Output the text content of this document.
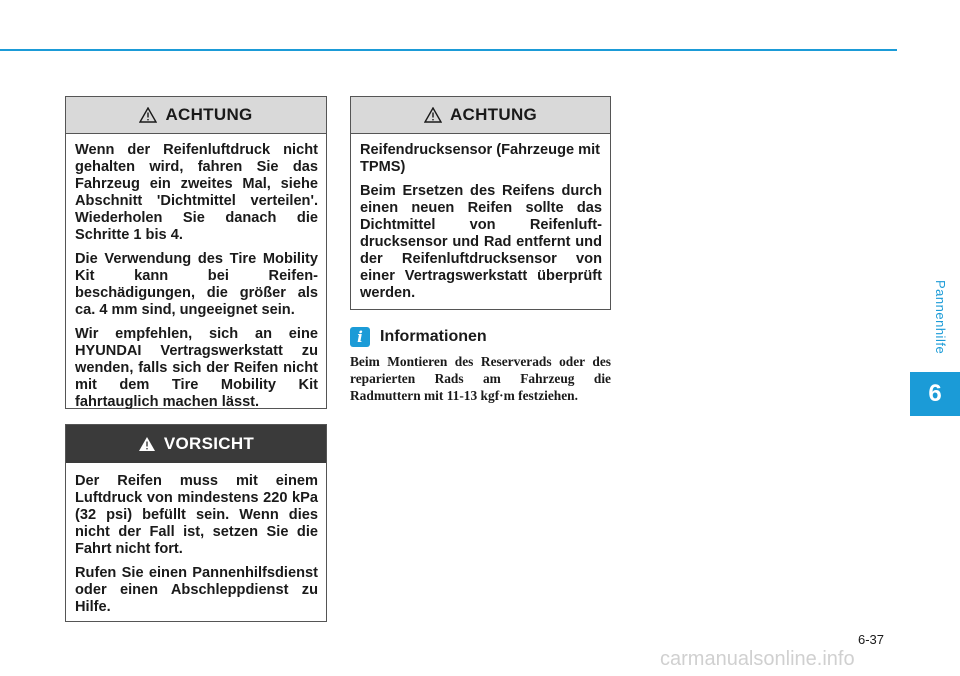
Pannenhilfe
6
ACHTUNG

Wenn der Reifenluftdruck nicht gehalten wird, fahren Sie das Fahrzeug ein zweites Mal, siehe Abschnitt 'Dichtmittel verteilen'. Wiederholen Sie danach die Schritte 1 bis 4.

Die Verwendung des Tire Mobility Kit kann bei Reifen-beschädigungen, die größer als ca. 4 mm sind, ungeeignet sein.

Wir empfehlen, sich an eine HYUNDAI Vertragswerkstatt zu wenden, falls sich der Reifen nicht mit dem Tire Mobility Kit fahrtauglich machen lässt.

VORSICHT

Der Reifen muss mit einem Luftdruck von mindestens 220 kPa (32 psi) befüllt sein. Wenn dies nicht der Fall ist, setzen Sie die Fahrt nicht fort.

Rufen Sie einen Pannenhilfsdienst oder einen Abschleppdienst zu Hilfe.

ACHTUNG

Reifendrucksensor (Fahrzeuge mit TPMS)

Beim Ersetzen des Reifens durch einen neuen Reifen sollte das Dichtmittel von Reifenluft-drucksensor und Rad entfernt und der Reifenluftdrucksensor von einer Vertragswerkstatt überprüft werden.

i	Informationen
Beim Montieren des Reserverads oder des reparierten Rads am Fahrzeug die Radmuttern mit 11-13 kgf·m festziehen.
6-37
carmanualsonline.info
